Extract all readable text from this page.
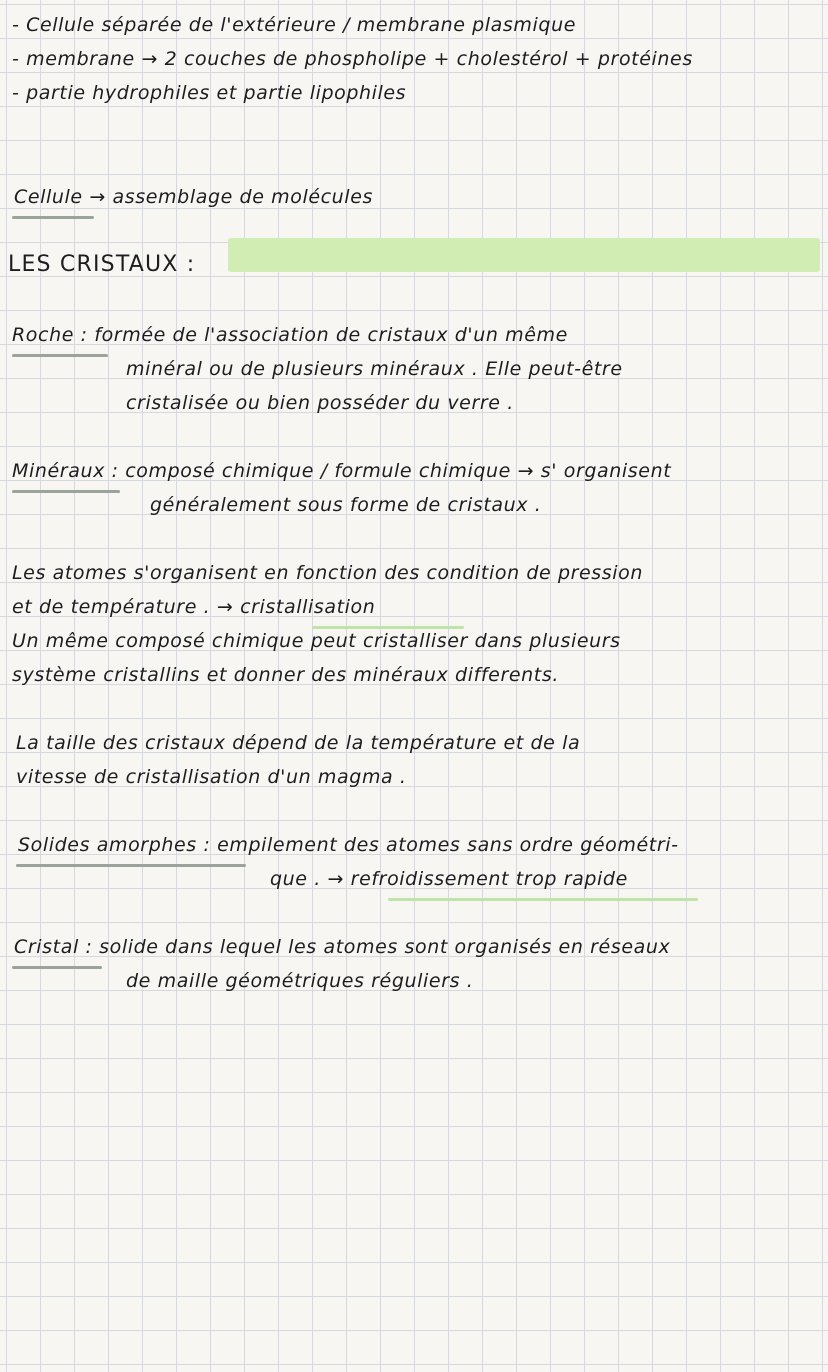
- Cellule séparée de l'extérieure / membrane plasmique
- membrane → 2 couches de phospholipe + cholestérol + protéines
- partie hydrophiles et partie lipophiles
Cellule → assemblage de molécules
LES CRISTAUX :
Roche : formée de l'association de cristaux d'un même
minéral ou de plusieurs minéraux . Elle peut-être
cristalisée ou bien posséder du verre .
Minéraux : composé chimique / formule chimique → s' organisent
généralement sous forme de cristaux .
Les atomes s'organisent en fonction des condition de pression
et de température . → cristallisation
Un même composé chimique peut cristalliser dans plusieurs
système cristallins et donner des minéraux differents.
La taille des cristaux dépend de la température et de la
vitesse de cristallisation d'un magma .
Solides amorphes : empilement des atomes sans ordre géométri-
que . → refroidissement trop rapide
Cristal : solide dans lequel les atomes sont organisés en réseaux
de maille géométriques réguliers .
